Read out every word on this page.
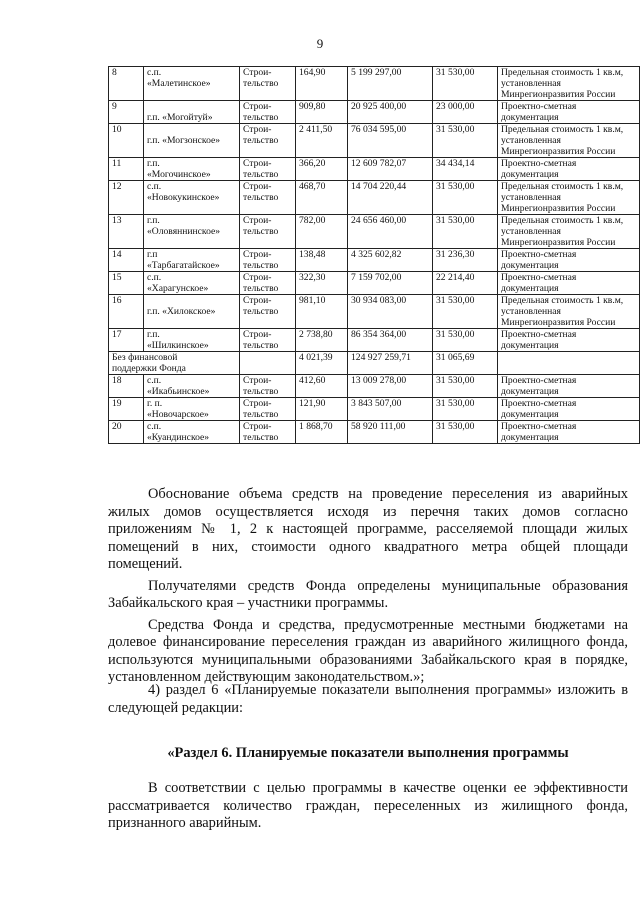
9
8	с.п.
«Малетинское»	Строи-
тельство	164,90	5 199 297,00	31 530,00	Предельная стоимость 1 кв.м,
установленная
Минрегионразвития России

9	г.п. «Могойтуй»	Строи-
тельство	909,80	20 925 400,00	23 000,00	Проектно-сметная
документация

10	г.п. «Могзонское»	Строи-
тельство	2 411,50	76 034 595,00	31 530,00	Предельная стоимость 1 кв.м,
установленная
Минрегионразвития России

11	г.п.
«Могочинское»	Строи-
тельство	366,20	12 609 782,07	34 434,14	Проектно-сметная
документация

12	с.п.
«Новокукинское»	Строи-
тельство	468,70	14 704 220,44	31 530,00	Предельная стоимость 1 кв.м,
установленная
Минрегионразвития России

13	г.п.
«Оловяннинское»	Строи-
тельство	782,00	24 656 460,00	31 530,00	Предельная стоимость 1 кв.м,
установленная
Минрегионразвития России

14	г.п
«Тарбагатайское»	Строи-
тельство	138,48	4 325 602,82	31 236,30	Проектно-сметная
документация

15	с.п.
«Харагунское»	Строи-
тельство	322,30	7 159 702,00	22 214,40	Проектно-сметная
документация

16	г.п. «Хилокское»	Строи-
тельство	981,10	30 934 083,00	31 530,00	Предельная стоимость 1 кв.м,
установленная
Минрегионразвития России

17	г.п.
«Шилкинское»	Строи-
тельство	2 738,80	86 354 364,00	31 530,00	Проектно-сметная
документация

Без финансовой
поддержки Фонда			4 021,39	124 927 259,71	31 065,69	
18	с.п.
«Икабьинское»	Строи-
тельство	412,60	13 009 278,00	31 530,00	Проектно-сметная
документация

19	г. п.
«Новочарское»	Строи-
тельство	121,90	3 843 507,00	31 530,00	Проектно-сметная
документация

20	с.п.
«Куандинское»	Строи-
тельство	1 868,70	58 920 111,00	31 530,00	Проектно-сметная
документация

Обоснование объема средств на проведение переселения из аварийных жилых домов осуществляется исходя из перечня таких домов согласно приложениям № 1, 2 к настоящей программе, расселяемой площади жилых помещений в них, стоимости одного квадратного метра общей площади помещений.

Получателями средств Фонда определены муниципальные образования Забайкальского края – участники программы.

Средства Фонда и средства, предусмотренные местными бюджетами на долевое финансирование переселения граждан из аварийного жилищного фонда, используются муниципальными образованиями Забайкальского края в порядке, установленном действующим законодательством.»;

4) раздел 6 «Планируемые показатели выполнения программы» изложить в следующей редакции:

«Раздел 6. Планируемые показатели выполнения программы

В соответствии с целью программы в качестве оценки ее эффективности рассматривается количество граждан, переселенных из жилищного фонда, признанного аварийным.
